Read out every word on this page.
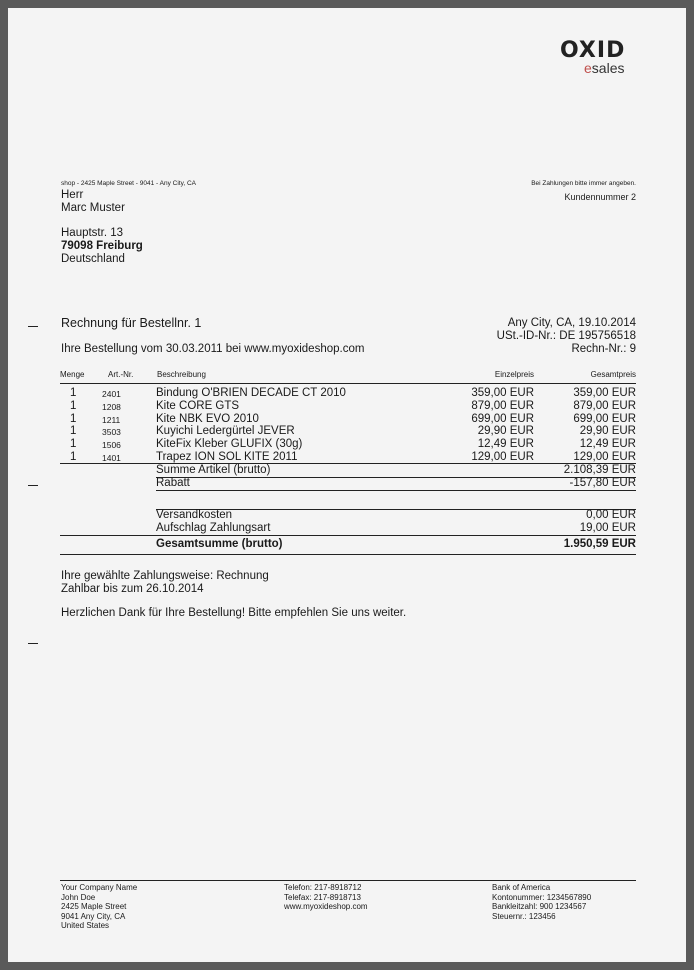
OXID
esales
shop - 2425 Maple Street - 9041 - Any City, CA	Bei Zahlungen bitte immer angeben.
Kundennummer 2
Herr
Marc Muster
Hauptstr. 13
79098 Freiburg
Deutschland
Rechnung für Bestellnr. 1
Ihre Bestellung vom 30.03.2011 bei www.myoxideshop.com
Any City, CA, 19.10.2014
USt.-ID-Nr.: DE 195756518
Rechn-Nr.: 9
Menge	Art.-Nr.	Beschreibung	Einzelpreis	Gesamtpreis
1	2401	Bindung O'BRIEN DECADE CT 2010	359,00 EUR	359,00 EUR
1	1208	Kite CORE GTS	879,00 EUR	879,00 EUR
1	1211	Kite NBK EVO 2010	699,00 EUR	699,00 EUR
1	3503	Kuyichi Ledergürtel JEVER	29,90 EUR	29,90 EUR
1	1506	KiteFix Kleber GLUFIX (30g)	12,49 EUR	12,49 EUR
1	1401	Trapez ION SOL KITE 2011	129,00 EUR	129,00 EUR
Summe Artikel (brutto)	2.108,39 EUR
Rabatt	-157,80 EUR
Versandkosten	0,00 EUR
Aufschlag Zahlungsart	19,00 EUR
Gesamtsumme (brutto)	1.950,59 EUR
Ihre gewählte Zahlungsweise: Rechnung
Zahlbar bis zum 26.10.2014
Herzlichen Dank für Ihre Bestellung! Bitte empfehlen Sie uns weiter.
Your Company Name
John Doe
2425 Maple Street
9041 Any City, CA
United States
Telefon: 217-8918712
Telefax: 217-8918713
www.myoxideshop.com
Bank of America
Kontonummer: 1234567890
Bankleitzahl: 900 1234567
Steuernr.: 123456
